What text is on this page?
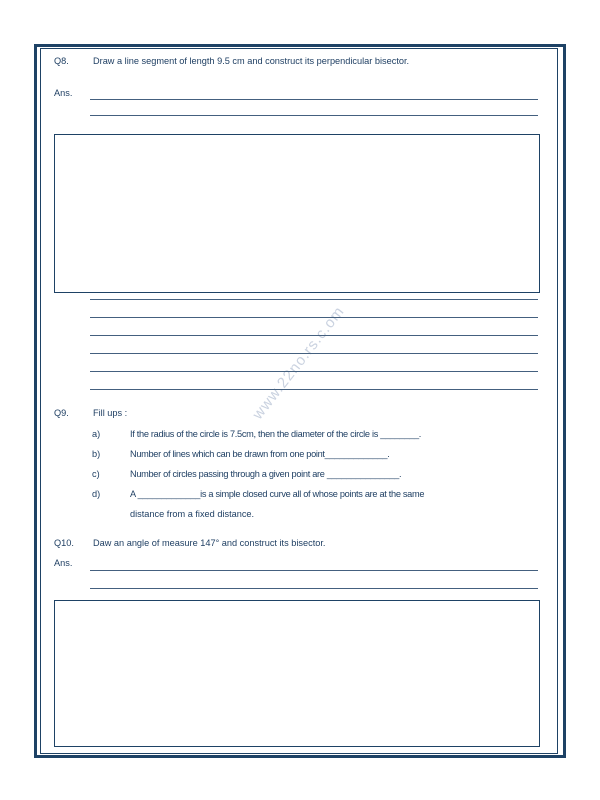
www.22no.rs.c.om
Q8.	Draw a line segment of length 9.5 cm and construct its perpendicular bisector.
Ans.
Q9.	Fill ups :
a)	If the radius of the circle is 7.5cm, then the diameter of the circle is ________.
b)	Number of lines which can be drawn from one point_____________.
c)	Number of circles passing through a given point are _______________.
d)	A _____________is a simple closed curve all of whose points are at the same
distance from a fixed distance.
Q10.	Daw an angle of measure 147° and construct its bisector.
Ans.
